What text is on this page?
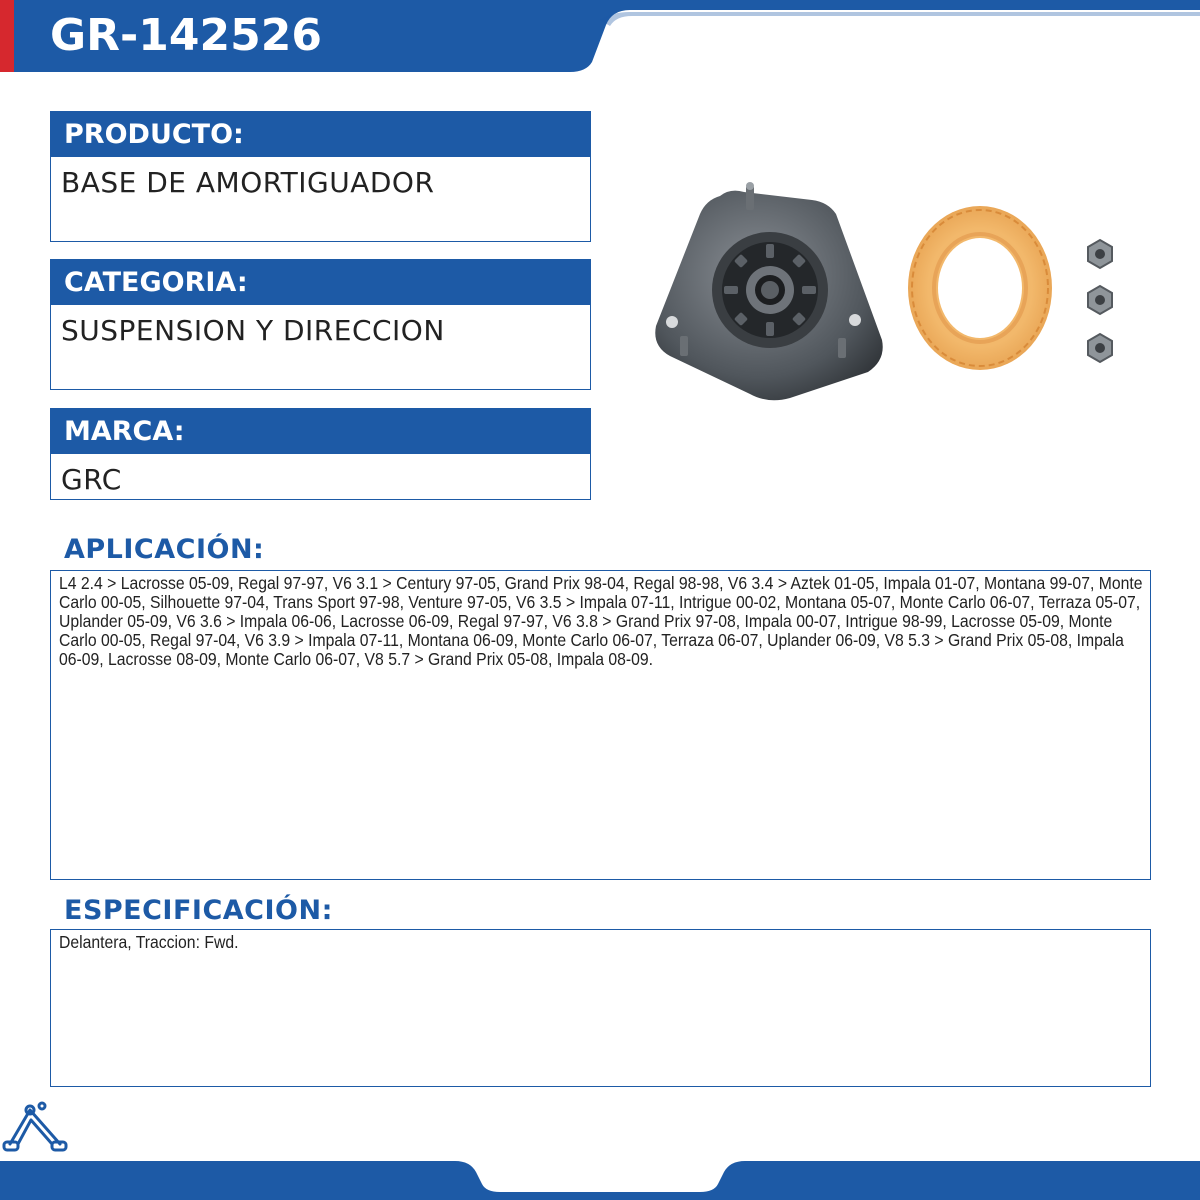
GR-142526
PRODUCTO:
BASE DE AMORTIGUADOR
CATEGORIA:
SUSPENSION Y DIRECCION
MARCA:
GRC
APLICACIÓN:
L4 2.4 > Lacrosse 05-09, Regal 97-97, V6 3.1 > Century 97-05, Grand Prix 98-04, Regal 98-98, V6 3.4 > Aztek 01-05, Impala 01-07, Montana 99-07, Monte Carlo 00-05, Silhouette 97-04, Trans Sport 97-98, Venture 97-05, V6 3.5 > Impala 07-11, Intrigue 00-02, Montana 05-07, Monte Carlo 06-07, Terraza 05-07, Uplander 05-09, V6 3.6 > Impala 06-06, Lacrosse 06-09, Regal 97-97, V6 3.8 > Grand Prix 97-08, Impala 00-07, Intrigue 98-99, Lacrosse 05-09, Monte Carlo 00-05, Regal 97-04, V6 3.9 > Impala 07-11, Montana 06-09, Monte Carlo 06-07, Terraza 06-07, Uplander 06-09, V8 5.3 > Grand Prix 05-08, Impala 06-09, Lacrosse 08-09, Monte Carlo 06-07, V8 5.7 > Grand Prix 05-08, Impala 08-09.
ESPECIFICACIÓN:
Delantera, Traccion: Fwd.
SUSPENSIÓN Y DIRECCIÓN
